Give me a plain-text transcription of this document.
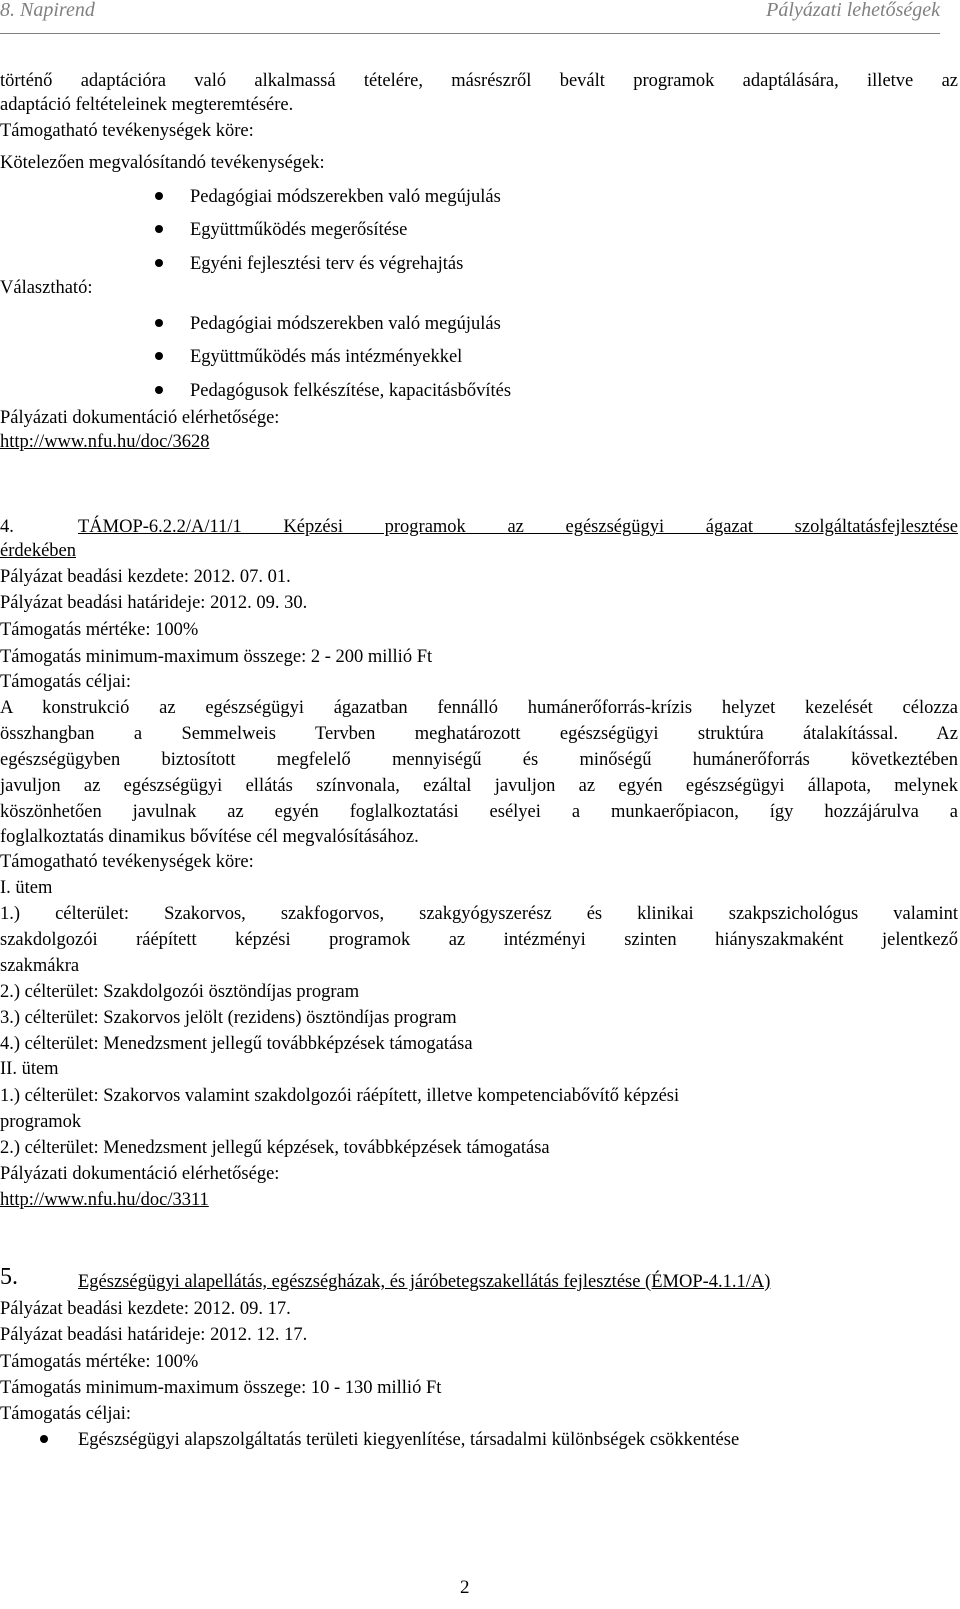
8. Napirend	Pályázati lehetőségek
történő adaptációra való alkalmassá tételére, másrészről bevált programok adaptálására, illetve az
adaptáció feltételeinek megteremtésére.
Támogatható tevékenységek köre:
Kötelezően megvalósítandó tevékenységek:
Pedagógiai módszerekben való megújulás
Együttműködés megerősítése
Egyéni fejlesztési terv és végrehajtás
Választható:
Pedagógiai módszerekben való megújulás
Együttműködés más intézményekkel
Pedagógusok felkészítése, kapacitásbővítés
Pályázati dokumentáció elérhetősége:
http://www.nfu.hu/doc/3628
4.	TÁMOP-6.2.2/A/11/1 Képzési programok az egészségügyi ágazat szolgáltatásfejlesztése
érdekében
Pályázat beadási kezdete: 2012. 07. 01.
Pályázat beadási határideje: 2012. 09. 30.
Támogatás mértéke: 100%
Támogatás minimum-maximum összege: 2 - 200 millió Ft
Támogatás céljai:
A konstrukció az egészségügyi ágazatban fennálló humánerőforrás-krízis helyzet kezelését célozza
összhangban a Semmelweis Tervben meghatározott egészségügyi struktúra átalakítással. Az
egészségügyben biztosított megfelelő mennyiségű és minőségű humánerőforrás következtében
javuljon az egészségügyi ellátás színvonala, ezáltal javuljon az egyén egészségügyi állapota, melynek
köszönhetően javulnak az egyén foglalkoztatási esélyei a munkaerőpiacon, így hozzájárulva a
foglalkoztatás dinamikus bővítése cél megvalósításához.
Támogatható tevékenységek köre:
I. ütem
1.) célterület: Szakorvos, szakfogorvos, szakgyógyszerész és klinikai szakpszichológus valamint
szakdolgozói ráépített képzési programok az intézményi szinten hiányszakmaként jelentkező
szakmákra
2.) célterület: Szakdolgozói ösztöndíjas program
3.) célterület: Szakorvos jelölt (rezidens) ösztöndíjas program
4.) célterület: Menedzsment jellegű továbbképzések támogatása
II. ütem
1.) célterület: Szakorvos valamint szakdolgozói ráépített, illetve kompetenciabővítő képzési
programok
2.) célterület: Menedzsment jellegű képzések, továbbképzések támogatása
Pályázati dokumentáció elérhetősége:
http://www.nfu.hu/doc/3311
5.	Egészségügyi alapellátás, egészségházak, és járóbetegszakellátás fejlesztése (ÉMOP-4.1.1/A)
Pályázat beadási kezdete: 2012. 09. 17.
Pályázat beadási határideje: 2012. 12. 17.
Támogatás mértéke: 100%
Támogatás minimum-maximum összege: 10 - 130 millió Ft
Támogatás céljai:
Egészségügyi alapszolgáltatás területi kiegyenlítése, társadalmi különbségek csökkentése
2
